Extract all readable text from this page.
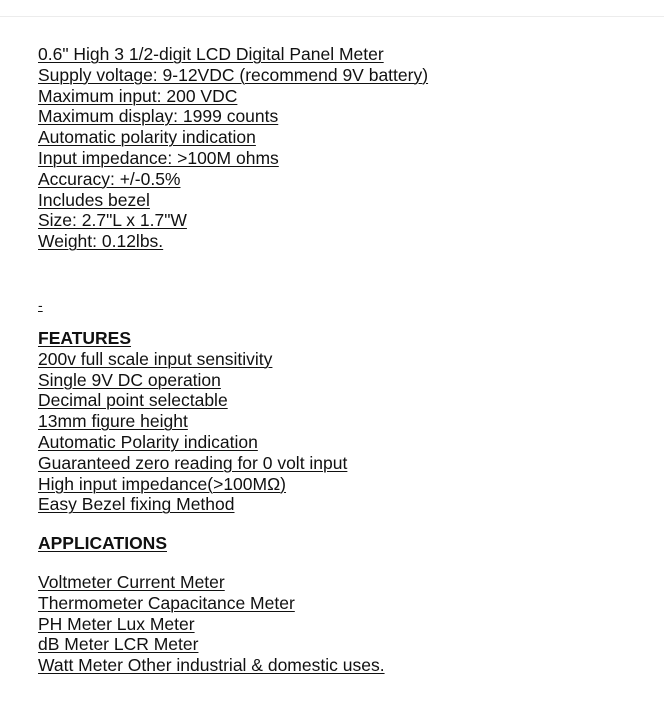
0.6" High 3 1/2-digit LCD Digital Panel Meter
Supply voltage: 9-12VDC (recommend 9V battery)
Maximum input: 200 VDC
Maximum display: 1999 counts
Automatic polarity indication
Input impedance: >100M ohms
Accuracy: +/-0.5%
Includes bezel
Size: 2.7"L x 1.7"W
Weight: 0.12lbs.
-
FEATURES
200v full scale input sensitivity
Single 9V DC operation
Decimal point selectable
13mm figure height
Automatic Polarity indication
Guaranteed zero reading for 0 volt input
High input impedance(>100MΩ)
Easy Bezel fixing Method
APPLICATIONS
Voltmeter Current Meter
Thermometer Capacitance Meter
PH Meter Lux Meter
dB Meter LCR Meter
Watt Meter Other industrial & domestic uses.
